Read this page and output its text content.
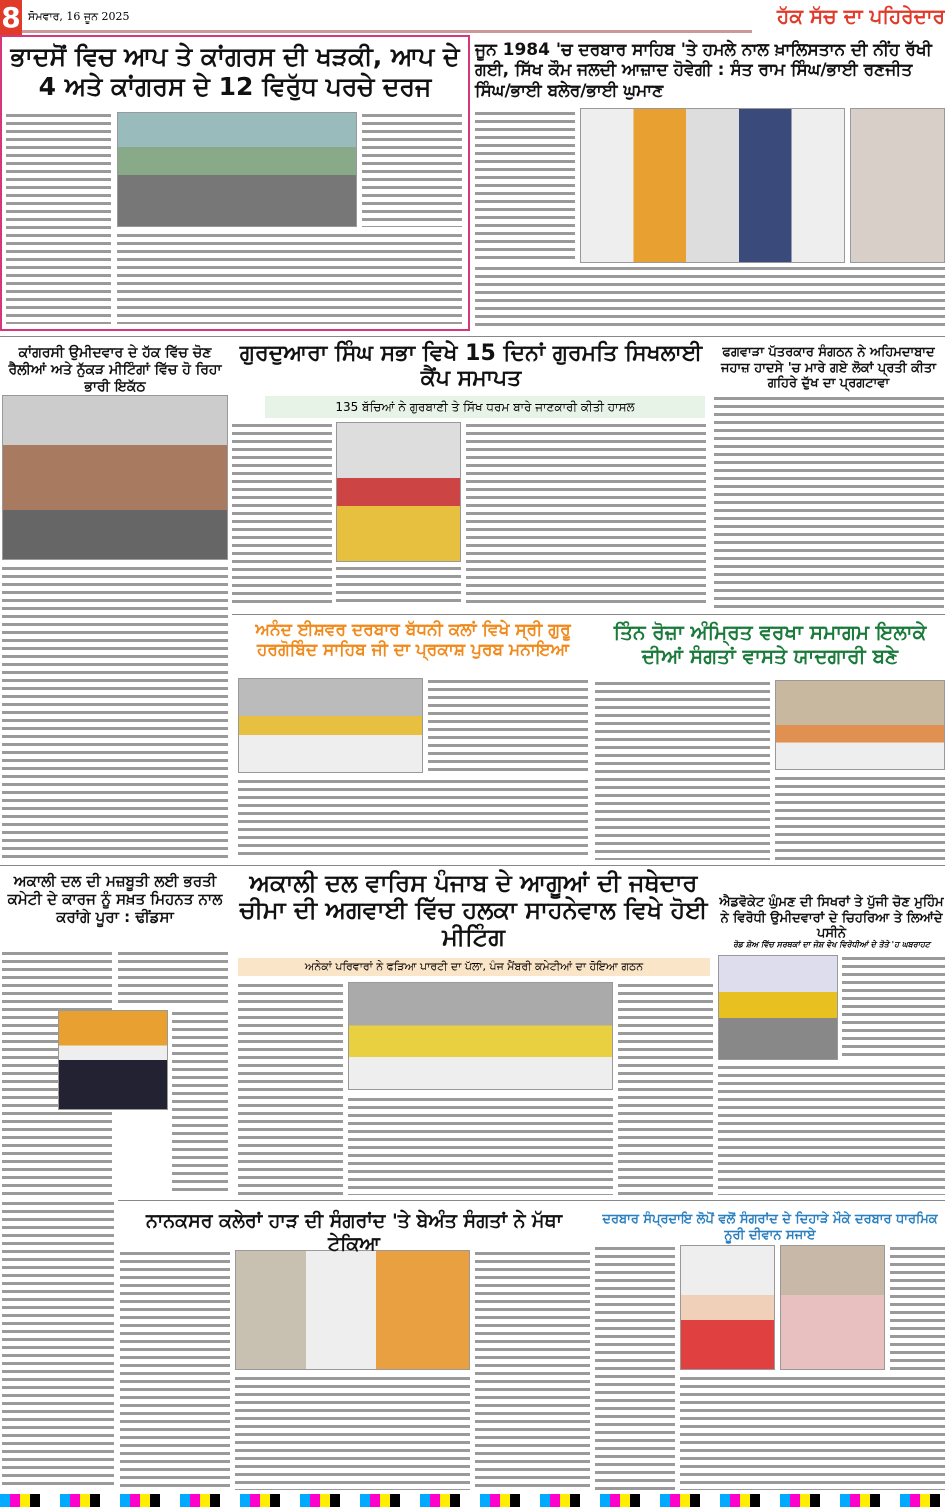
8 ਸੋਮਵਾਰ, 16 ਜੂਨ 2025	ਹੱਕ ਸੱਚ ਦਾ ਪਹਿਰੇਦਾਰ
ਭਾਦਸੋਂ ਵਿਚ ਆਪ ਤੇ ਕਾਂਗਰਸ ਦੀ ਖੜਕੀ, ਆਪ ਦੇ 4 ਅਤੇ ਕਾਂਗਰਸ ਦੇ 12 ਵਿਰੁੱਧ ਪਰਚੇ ਦਰਜ
ਜੂਨ 1984 'ਚ ਦਰਬਾਰ ਸਾਹਿਬ 'ਤੇ ਹਮਲੇ ਨਾਲ ਖ਼ਾਲਿਸਤਾਨ ਦੀ ਨੀਂਹ ਰੱਖੀ ਗਈ, ਸਿੱਖ ਕੌਮ ਜਲਦੀ ਆਜ਼ਾਦ ਹੋਵੇਗੀ : ਸੰਤ ਰਾਮ ਸਿੰਘ/ਭਾਈ ਰਣਜੀਤ ਸਿੰਘ/ਭਾਈ ਬਲੇਰ/ਭਾਈ ਘੁਮਾਣ
ਕਾਂਗਰਸੀ ਉਮੀਦਵਾਰ ਦੇ ਹੱਕ ਵਿੱਚ ਚੋਣ ਰੈਲੀਆਂ ਅਤੇ ਨੁੱਕੜ ਮੀਟਿੰਗਾਂ ਵਿੱਚ ਹੋ ਰਿਹਾ ਭਾਰੀ ਇਕੱਠ
ਗੁਰਦੁਆਰਾ ਸਿੰਘ ਸਭਾ ਵਿਖੇ 15 ਦਿਨਾਂ ਗੁਰਮਤਿ ਸਿਖਲਾਈ ਕੈਂਪ ਸਮਾਪਤ
135 ਬੱਚਿਆਂ ਨੇ ਗੁਰਬਾਣੀ ਤੇ ਸਿੱਖ ਧਰਮ ਬਾਰੇ ਜਾਣਕਾਰੀ ਕੀਤੀ ਹਾਸਲ
ਫਗਵਾੜਾ ਪੱਤਰਕਾਰ ਸੰਗਠਨ ਨੇ ਅਹਿਮਦਾਬਾਦ ਜਹਾਜ਼ ਹਾਦਸੇ 'ਚ ਮਾਰੇ ਗਏ ਲੋਕਾਂ ਪ੍ਰਤੀ ਕੀਤਾ ਗਹਿਰੇ ਦੁੱਖ ਦਾ ਪ੍ਰਗਟਾਵਾ
ਅਨੰਦ ਈਸ਼ਵਰ ਦਰਬਾਰ ਬੱਧਨੀ ਕਲਾਂ ਵਿਖੇ ਸ੍ਰੀ ਗੁਰੂ ਹਰਗੋਬਿੰਦ ਸਾਹਿਬ ਜੀ ਦਾ ਪ੍ਰਕਾਸ਼ ਪੁਰਬ ਮਨਾਇਆ
ਤਿੰਨ ਰੋਜ਼ਾ ਅੰਮ੍ਰਿਤ ਵਰਖਾ ਸਮਾਗਮ ਇਲਾਕੇ ਦੀਆਂ ਸੰਗਤਾਂ ਵਾਸਤੇ ਯਾਦਗਾਰੀ ਬਣੇ
ਅਕਾਲੀ ਦਲ ਦੀ ਮਜ਼ਬੂਤੀ ਲਈ ਭਰਤੀ ਕਮੇਟੀ ਦੇ ਕਾਰਜ ਨੂੰ ਸਖ਼ਤ ਮਿਹਨਤ ਨਾਲ ਕਰਾਂਗੇ ਪੂਰਾ : ਢੀਂਡਸਾ
ਅਕਾਲੀ ਦਲ ਵਾਰਿਸ ਪੰਜਾਬ ਦੇ ਆਗੂਆਂ ਦੀ ਜਥੇਦਾਰ ਚੀਮਾ ਦੀ ਅਗਵਾਈ ਵਿੱਚ ਹਲਕਾ ਸਾਹਨੇਵਾਲ ਵਿਖੇ ਹੋਈ ਮੀਟਿੰਗ
ਅਨੇਕਾਂ ਪਰਿਵਾਰਾਂ ਨੇ ਫੜਿਆ ਪਾਰਟੀ ਦਾ ਪੱਲਾ, ਪੰਜ ਮੈਂਬਰੀ ਕਮੇਟੀਆਂ ਦਾ ਹੋਇਆ ਗਠਨ
ਐਡਵੋਕੇਟ ਘੁੰਮਣ ਦੀ ਸਿਖਰਾਂ ਤੇ ਪੁੱਜੀ ਚੋਣ ਮੁਹਿੰਮ ਨੇ ਵਿਰੋਧੀ ਉਮੀਦਵਾਰਾਂ ਦੇ ਚਿਹਰਿਆ ਤੇ ਲਿਆਂਦੇ ਪਸੀਨੇ
ਰੋਡ ਸ਼ੋਅ ਵਿੱਚ ਸਰਥਕਾਂ ਦਾ ਜੋਸ਼ ਵੇਖ ਵਿਰੋਧੀਆਂ ਦੇ ਤੋਤੇ 'ਹ ਘਬਰਾਹਟ
ਨਾਨਕਸਰ ਕਲੇਰਾਂ ਹਾੜ ਦੀ ਸੰਗਰਾਂਦ 'ਤੇ ਬੇਅੰਤ ਸੰਗਤਾਂ ਨੇ ਮੱਥਾ ਟੇਕਿਆ
ਦਰਬਾਰ ਸੰਪ੍ਰਦਾਇ ਲੋਪੋਂ ਵਲੋਂ ਸੰਗਰਾਂਦ ਦੇ ਦਿਹਾੜੇ ਮੌਕੇ ਦਰਬਾਰ ਧਾਰਮਿਕ ਨੂਰੀ ਦੀਵਾਨ ਸਜਾਏ
